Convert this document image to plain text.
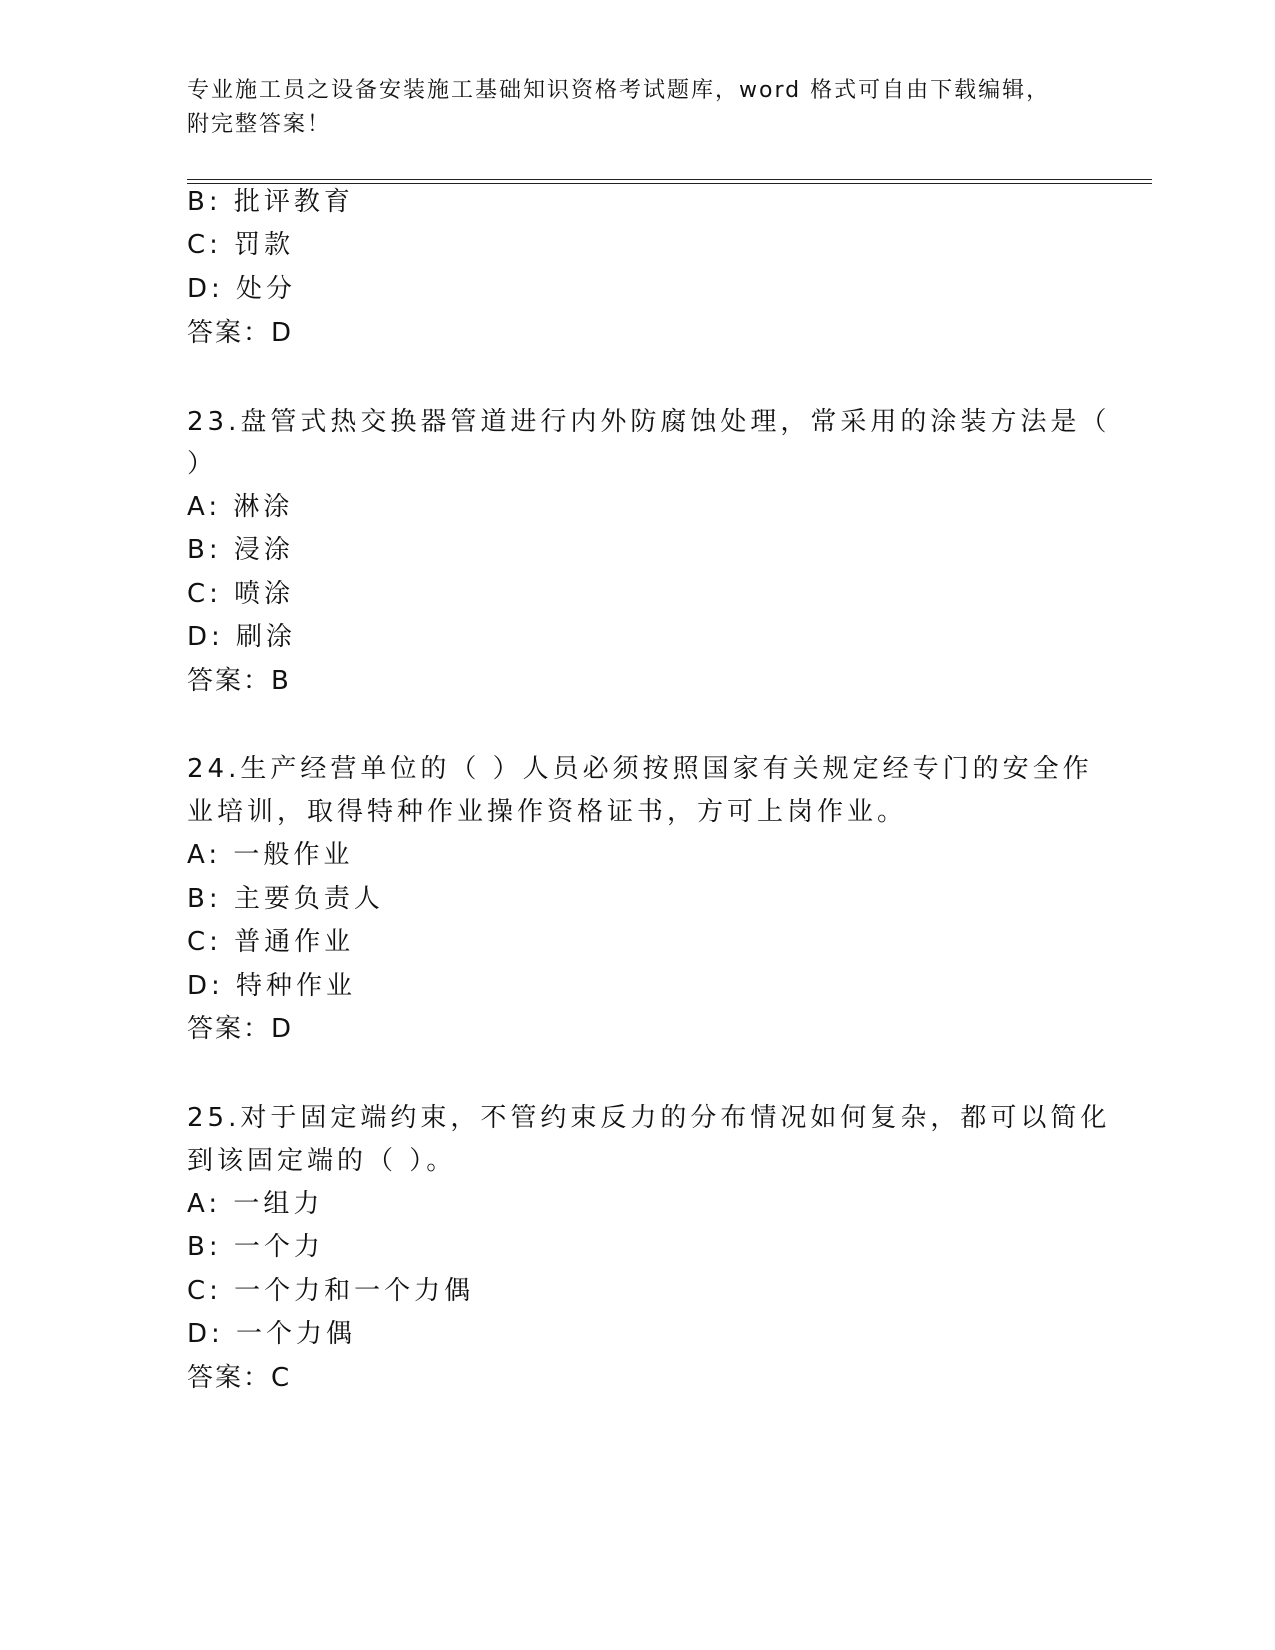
专业施工员之设备安装施工基础知识资格考试题库，word 格式可自由下载编辑，
附完整答案！
B: 批评教育
C: 罚款
D: 处分
答案：D
23.盘管式热交换器管道进行内外防腐蚀处理，常采用的涂装方法是（
）
A: 淋涂
B: 浸涂
C: 喷涂
D: 刷涂
答案：B
24.生产经营单位的（ ）人员必须按照国家有关规定经专门的安全作
业培训，取得特种作业操作资格证书，方可上岗作业。
A: 一般作业
B: 主要负责人
C: 普通作业
D: 特种作业
答案：D
25.对于固定端约束，不管约束反力的分布情况如何复杂，都可以简化
到该固定端的（ ）。
A: 一组力
B: 一个力
C: 一个力和一个力偶
D: 一个力偶
答案：C
